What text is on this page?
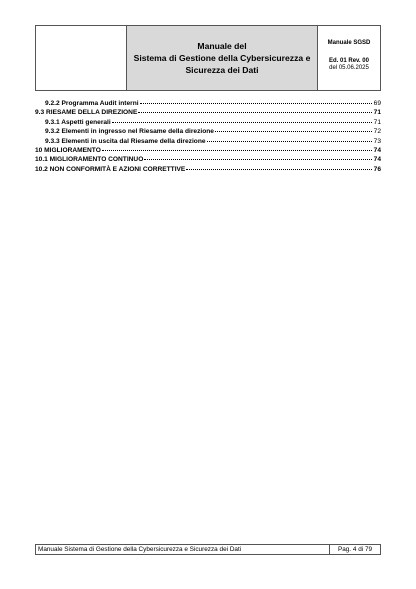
Manuale del
Sistema di Gestione della Cybersicurezza e
Sicurezza dei Dati
Manuale SGSD
Ed. 01 Rev. 00
del 05.06.2025
9.2.2 Programma Audit interni	69
9.3 RIESAME DELLA DIREZIONE	71
9.3.1 Aspetti generali	71
9.3.2 Elementi in ingresso nel Riesame della direzione	72
9.3.3 Elementi in uscita dal Riesame della direzione	73
10 MIGLIORAMENTO	74
10.1 MIGLIORAMENTO CONTINUO	74
10.2 NON CONFORMITÀ E AZIONI CORRETTIVE	76
Manuale Sistema di Gestione della Cybersicurezza e Sicurezza dei Dati	Pag. 4 di 79
